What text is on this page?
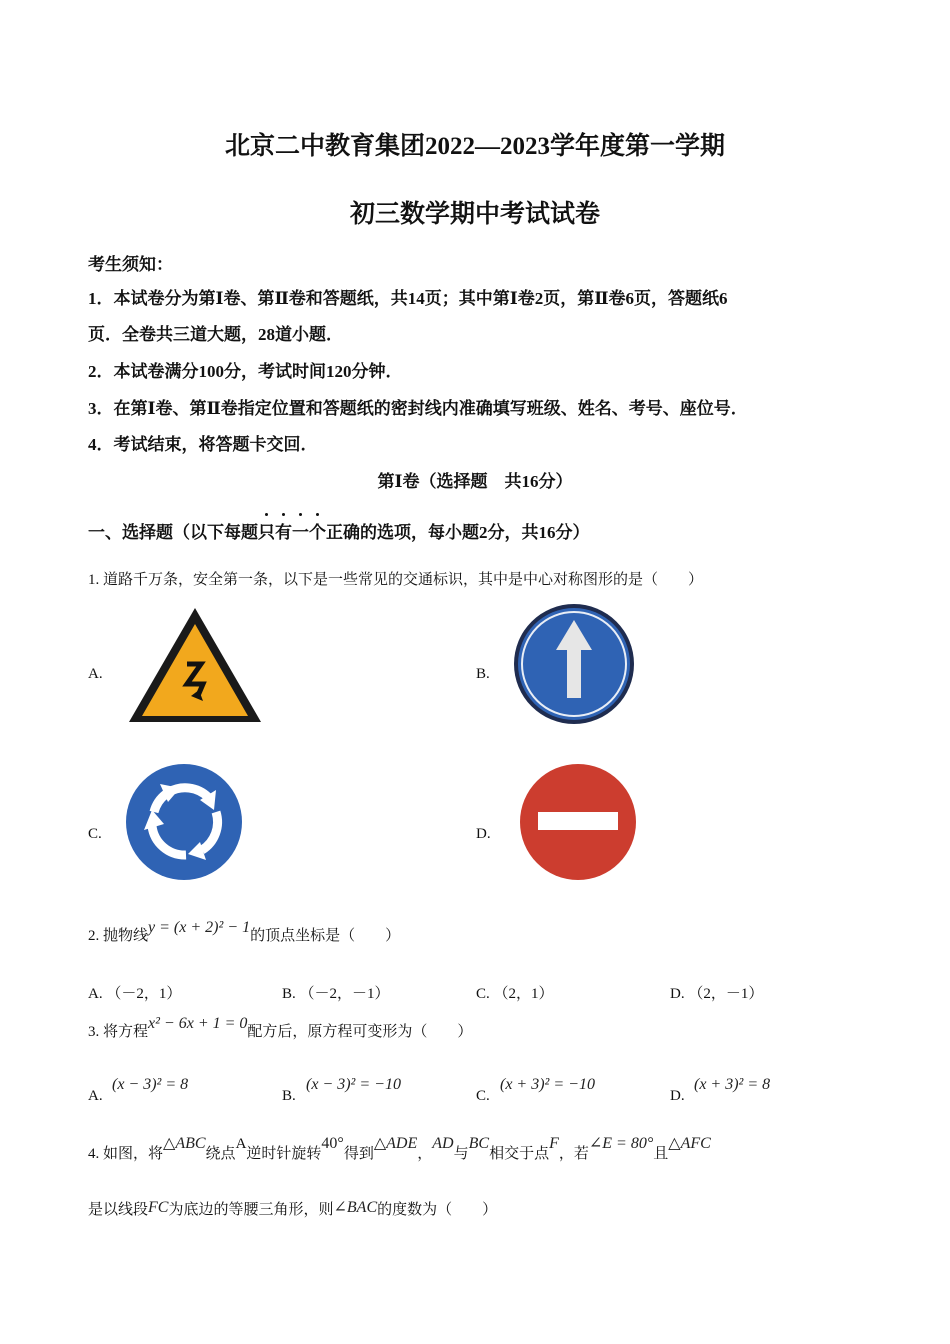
北京二中教育集团2022—2023学年度第一学期
初三数学期中考试试卷
考生须知：
1．本试卷分为第Ⅰ卷、第Ⅱ卷和答题纸，共14页；其中第Ⅰ卷2页，第Ⅱ卷6页，答题纸6
页．全卷共三道大题，28道小题．
2．本试卷满分100分，考试时间120分钟．
3．在第Ⅰ卷、第Ⅱ卷指定位置和答题纸的密封线内准确填写班级、姓名、考号、座位号．
4．考试结束，将答题卡交回．
第Ⅰ卷（选择题　共16分）
一、选择题（以下每题
只
有
一
个正确的选项，每小题2分，共16分）
1. 道路千万条，安全第一条，以下是一些常见的交通标识，其中是中心对称图形的是（　　）
A.	B.
C.	D.
2. 抛物线y = (x + 2)² − 1的顶点坐标是（　　）
A. （－2，1）	B. （－2，－1）	C. （2，1）	D. （2，－1）
3. 将方程x² − 6x + 1 = 0配方后，原方程可变形为（　　）
A.
(x − 3)² = 8
B.
(x − 3)² = −10
C.
(x + 3)² = −10
D.
(x + 3)² = 8
4. 如图，将△ABC绕点A逆时针旋转40°得到△ADE，AD与BC相交于点F，若∠E = 80°且△AFC
是以线段FC为底边的等腰三角形，则∠BAC的度数为（　　）
